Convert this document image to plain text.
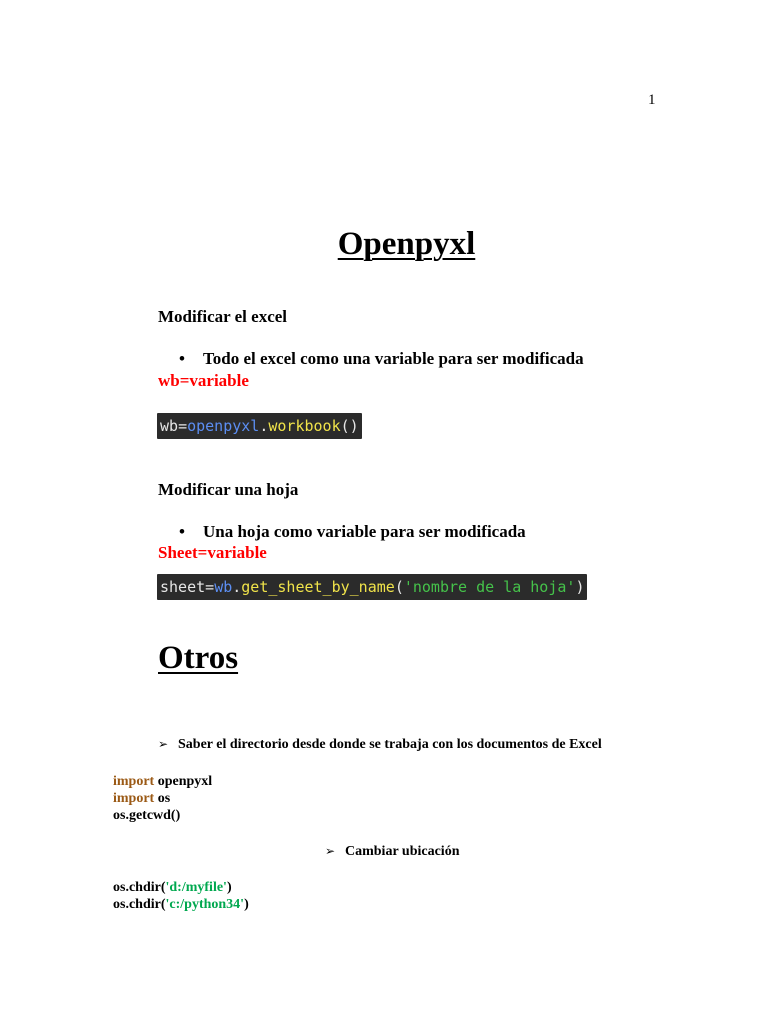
1
Openpyxl
Modificar el excel
• Todo el excel como una variable para ser modificada
wb=variable
wb=openpyxl.workbook()
Modificar una hoja
• Una hoja como variable para ser modificada
Sheet=variable
sheet=wb.get_sheet_by_name('nombre de la hoja')
Otros
➢ Saber el directorio desde donde se trabaja con los documentos de Excel
import openpyxl
import os
os.getcwd()
➢ Cambiar ubicación
os.chdir('d:/myfile')
os.chdir('c:/python34')
